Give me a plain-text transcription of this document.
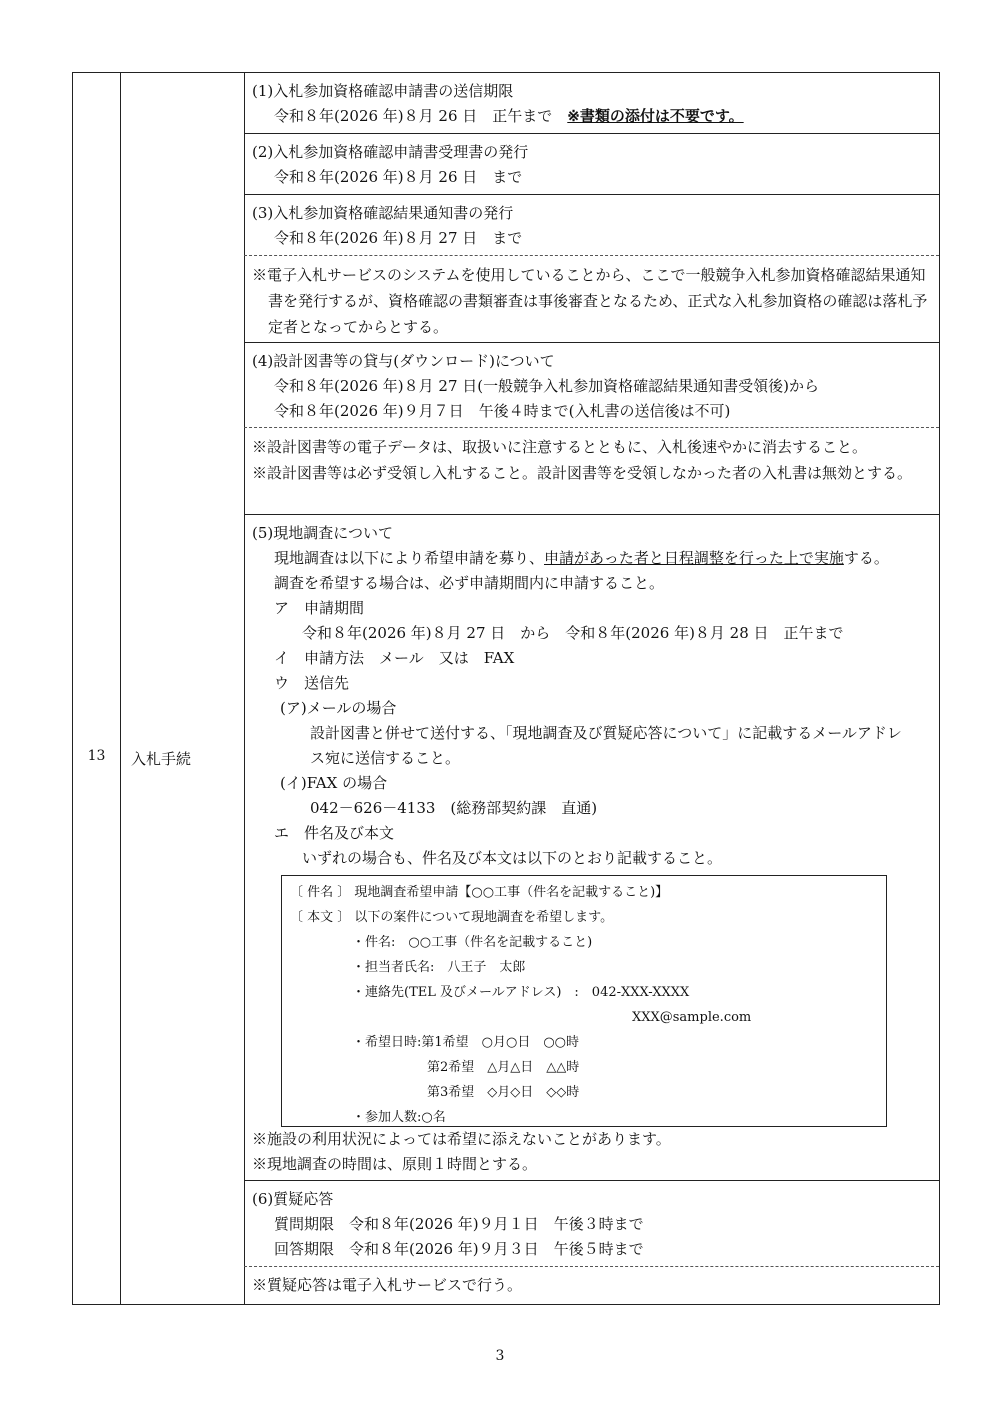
13	入札手続
(1)入札参加資格確認申請書の送信期限
令和８年(2026 年)８月 26 日　正午まで　※書類の添付は不要です。
(2)入札参加資格確認申請書受理書の発行
令和８年(2026 年)８月 26 日　まで
(3)入札参加資格確認結果通知書の発行
令和８年(2026 年)８月 27 日　まで
※電子入札サービスのシステムを使用していることから、ここで一般競争入札参加資格確認結果通知書を発行するが、資格確認の書類審査は事後審査となるため、正式な入札参加資格の確認は落札予定者となってからとする。
(4)設計図書等の貸与(ダウンロード)について
令和８年(2026 年)８月 27 日(一般競争入札参加資格確認結果通知書受領後)から
令和８年(2026 年)９月７日　午後４時まで(入札書の送信後は不可)
※設計図書等の電子データは、取扱いに注意するとともに、入札後速やかに消去すること。
※設計図書等は必ず受領し入札すること。設計図書等を受領しなかった者の入札書は無効とする。
(5)現地調査について
現地調査は以下により希望申請を募り、申請があった者と日程調整を行った上で実施する。
調査を希望する場合は、必ず申請期間内に申請すること。
ア　申請期間
令和８年(2026 年)８月 27 日　から　令和８年(2026 年)８月 28 日　正午まで
イ　申請方法　メール　又は　FAX
ウ　送信先
(ア)メールの場合
設計図書と併せて送付する、「現地調査及び質疑応答について」に記載するメールアドレ
ス宛に送信すること。
(イ)FAX の場合
042－626－4133　(総務部契約課　直通)
エ　件名及び本文
いずれの場合も、件名及び本文は以下のとおり記載すること。
〔 件名 〕 現地調査希望申請【○○工事（件名を記載すること)】
〔 本文 〕 以下の案件について現地調査を希望します。
・件名:　○○工事（件名を記載すること)
・担当者氏名:　八王子　太郎
・連絡先(TEL 及びメールアドレス)　:　042-XXX-XXXX
XXX@sample.com
・希望日時:第1希望　○月○日　○○時
第2希望　△月△日　△△時
第3希望　◇月◇日　◇◇時
・参加人数:○名
※施設の利用状況によっては希望に添えないことがあります。
※現地調査の時間は、原則１時間とする。
(6)質疑応答
質問期限　令和８年(2026 年)９月１日　午後３時まで
回答期限　令和８年(2026 年)９月３日　午後５時まで
※質疑応答は電子入札サービスで行う。
3
